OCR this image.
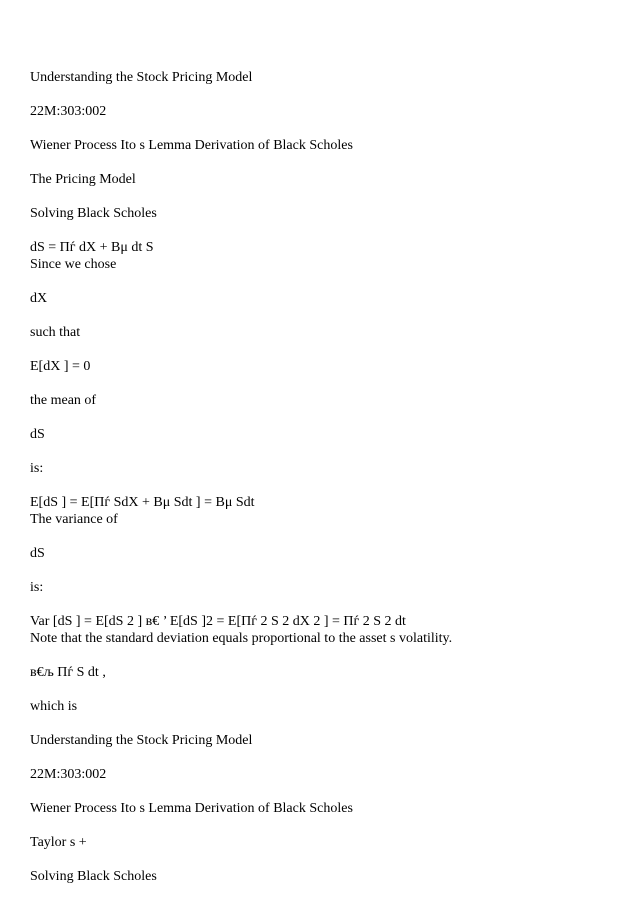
Understanding the Stock Pricing Model
22M:303:002
Wiener Process Ito s Lemma Derivation of Black Scholes
The Pricing Model
Solving Black Scholes
dS = Пѓ dX + Вμ dt S
Since we chose
dX
such that
E[dX ] = 0
the mean of
dS
is:
E[dS ] = E[Пѓ SdX + Вμ Sdt ] = Вμ Sdt
The variance of
dS
is:
Var [dS ] = E[dS 2 ] в€ ’ E[dS ]2 = E[Пѓ 2 S 2 dX 2 ] = Пѓ 2 S 2 dt
Note that the standard deviation equals proportional to the asset s volatility.
в€љ Пѓ S dt ,
which is
Understanding the Stock Pricing Model
22M:303:002
Wiener Process Ito s Lemma Derivation of Black Scholes
Taylor s +
Solving Black Scholes
